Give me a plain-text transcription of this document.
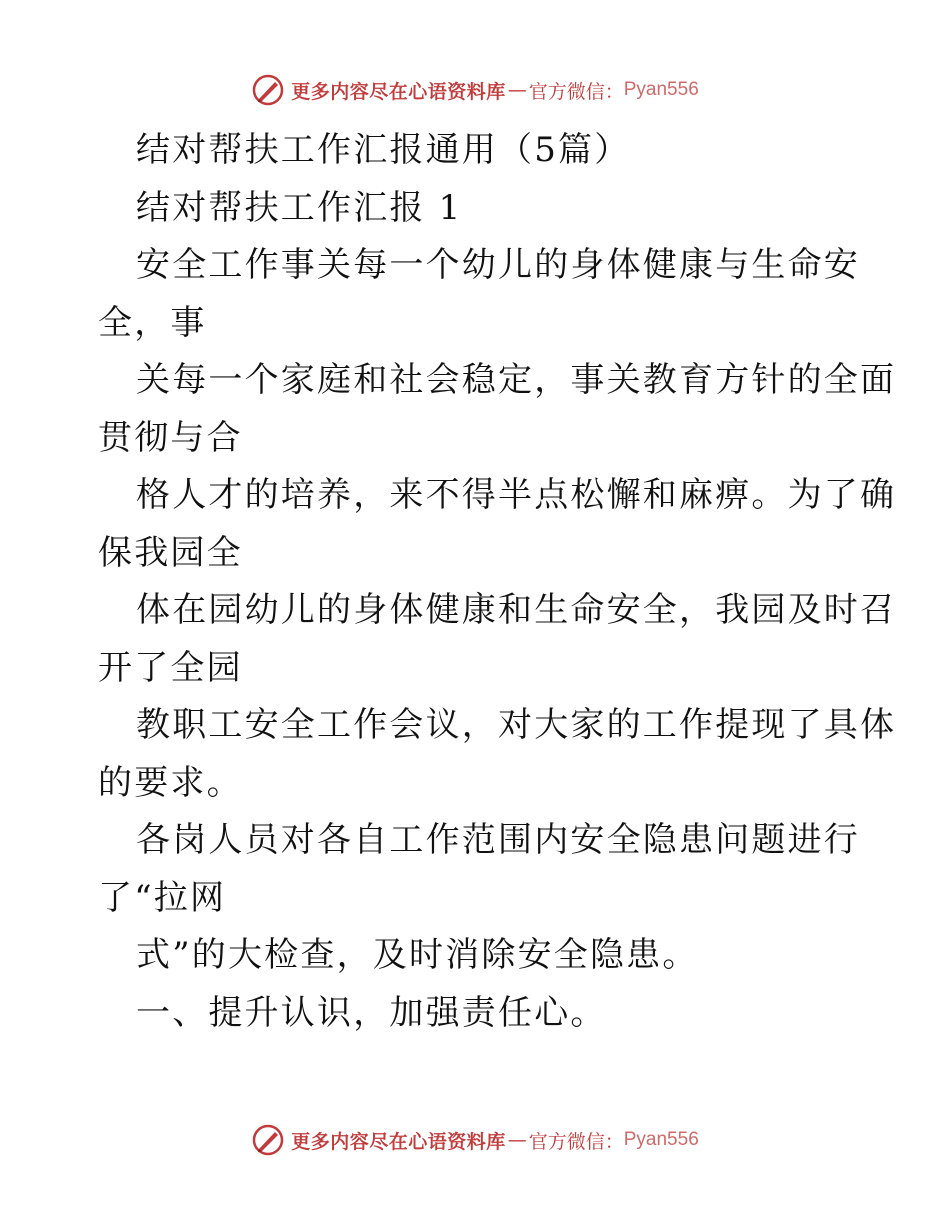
更多内容尽在心语资料库 — 官方微信： Pyan556
结对帮扶工作汇报通用（5篇）
结对帮扶工作汇报 1
安全工作事关每一个幼儿的身体健康与生命安
全，事
关每一个家庭和社会稳定，事关教育方针的全面
贯彻与合
格人才的培养，来不得半点松懈和麻痹。为了确
保我园全
体在园幼儿的身体健康和生命安全，我园及时召
开了全园
教职工安全工作会议，对大家的工作提现了具体
的要求。
各岗人员对各自工作范围内安全隐患问题进行
了“拉网
式”的大检查，及时消除安全隐患。
一、提升认识，加强责任心。
更多内容尽在心语资料库 — 官方微信： Pyan556
